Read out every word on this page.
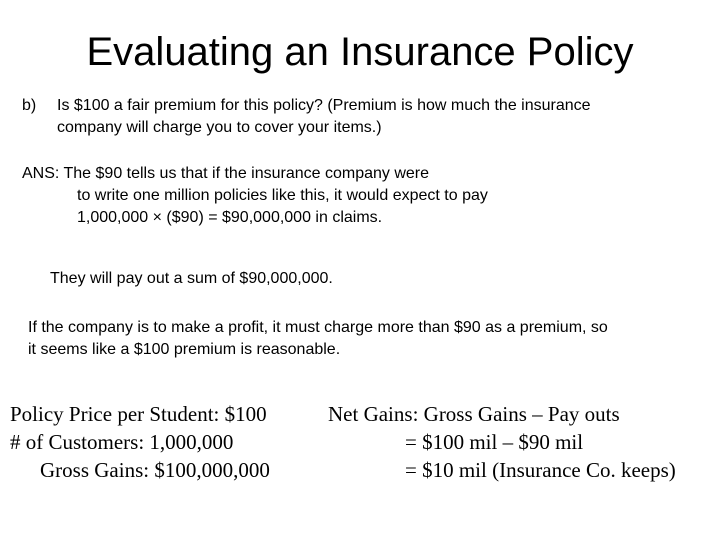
Evaluating an Insurance Policy
b) Is $100 a fair premium for this policy? (Premium is how much the insurance
company will charge you to cover your items.)
ANS: The $90 tells us that if the insurance company were
to write one million policies like this, it would expect to pay
1,000,000 × ($90) = $90,000,000 in claims.
They will pay out a sum of $90,000,000.
If the company is to make a profit, it must charge more than $90 as a premium, so
it seems like a $100 premium is reasonable.
Policy Price per Student: $100
# of Customers: 1,000,000
Gross Gains: $100,000,000
Net Gains: Gross Gains – Pay outs
= $100 mil – $90 mil
= $10 mil (Insurance Co. keeps)
